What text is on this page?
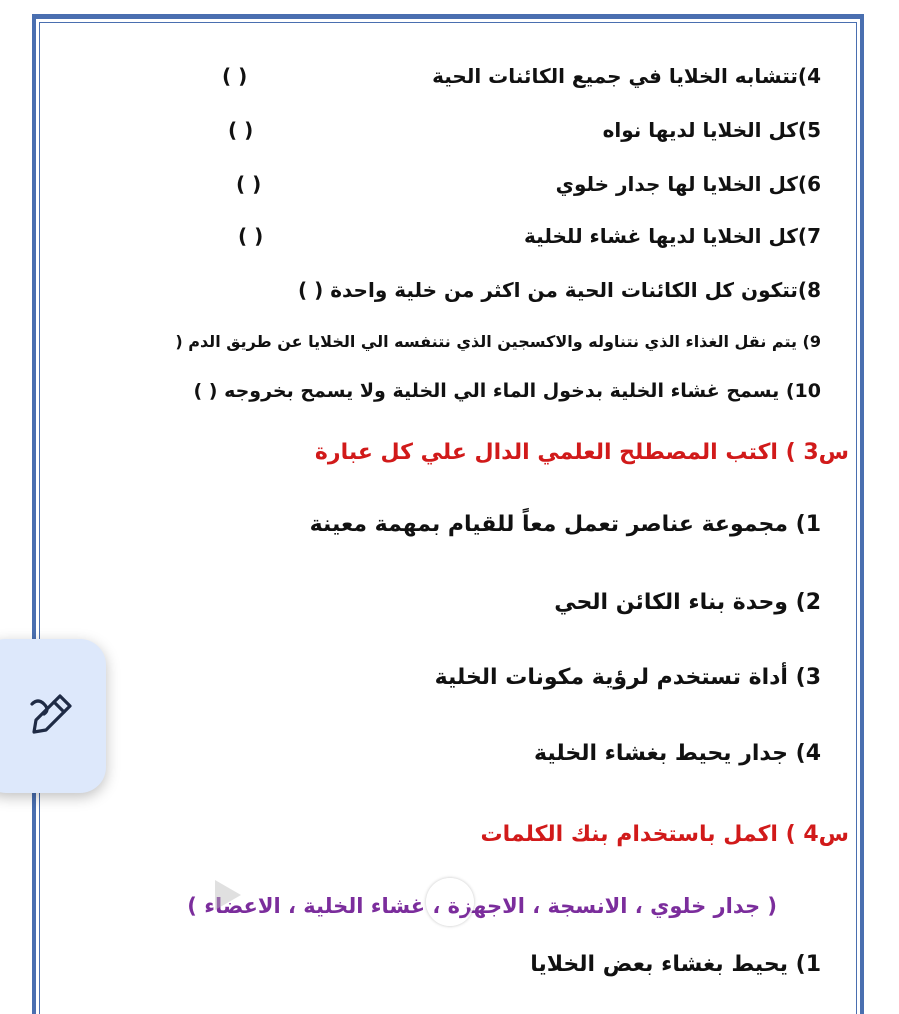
4)تتشابه الخلايا في جميع الكائنات الحية
( )
5)كل الخلايا لديها نواه
( )
6)كل الخلايا لها جدار خلوي
( )
7)كل الخلايا لديها غشاء للخلية
( )
8)تتكون كل الكائنات الحية من اكثر من خلية واحدة ( )
9) يتم نقل الغذاء الذي نتناوله والاكسجين الذي نتنفسه الي الخلايا عن طريق الدم (
10) يسمح غشاء الخلية بدخول الماء الي الخلية ولا يسمح بخروجه ( )
س3 ) اكتب المصطلح العلمي الدال علي كل عبارة
1) مجموعة عناصر تعمل معاً للقيام بمهمة معينة
2) وحدة بناء الكائن الحي
3) أداة تستخدم لرؤية مكونات الخلية
4) جدار يحيط بغشاء الخلية
س4 ) اكمل باستخدام بنك الكلمات
( جدار خلوي ، الانسجة ، الاجهزة ، غشاء الخلية ، الاعضاء )
1) يحيط بغشاء بعض الخلايا
